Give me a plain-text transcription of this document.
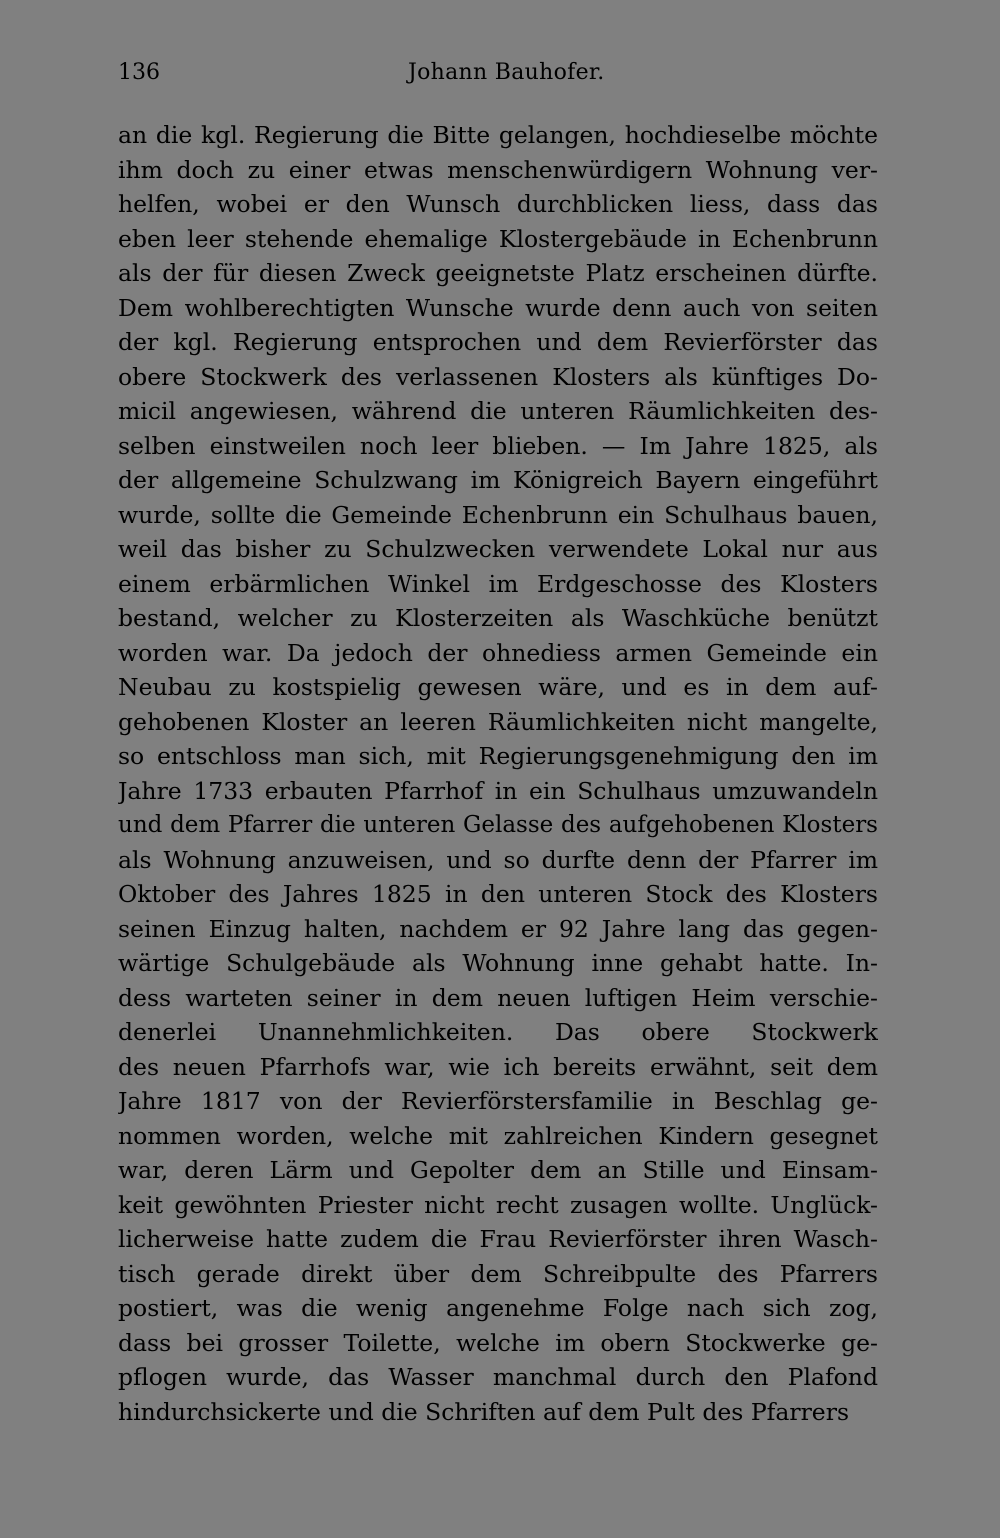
136	Johann Bauhofer.
an die kgl. Regierung die Bitte gelangen, hochdieselbe möchte
ihm doch zu einer etwas menschenwürdigern Wohnung ver-
helfen, wobei er den Wunsch durchblicken liess, dass das
eben leer stehende ehemalige Klostergebäude in Echenbrunn
als der für diesen Zweck geeignetste Platz erscheinen dürfte.
Dem wohlberechtigten Wunsche wurde denn auch von seiten
der kgl. Regierung entsprochen und dem Revierförster das
obere Stockwerk des verlassenen Klosters als künftiges Do-
micil angewiesen, während die unteren Räumlichkeiten des-
selben einstweilen noch leer blieben. — Im Jahre 1825, als
der allgemeine Schulzwang im Königreich Bayern eingeführt
wurde, sollte die Gemeinde Echenbrunn ein Schulhaus bauen,
weil das bisher zu Schulzwecken verwendete Lokal nur aus
einem erbärmlichen Winkel im Erdgeschosse des Klosters
bestand, welcher zu Klosterzeiten als Waschküche benützt
worden war. Da jedoch der ohnediess armen Gemeinde ein
Neubau zu kostspielig gewesen wäre, und es in dem auf-
gehobenen Kloster an leeren Räumlichkeiten nicht mangelte,
so entschloss man sich, mit Regierungsgenehmigung den im
Jahre 1733 erbauten Pfarrhof in ein Schulhaus umzuwandeln
und dem Pfarrer die unteren Gelasse des aufgehobenen Klosters
als Wohnung anzuweisen, und so durfte denn der Pfarrer im
Oktober des Jahres 1825 in den unteren Stock des Klosters
seinen Einzug halten, nachdem er 92 Jahre lang das gegen-
wärtige Schulgebäude als Wohnung inne gehabt hatte. In-
dess warteten seiner in dem neuen luftigen Heim verschie-
denerlei Unannehmlichkeiten. Das obere Stockwerk
des neuen Pfarrhofs war, wie ich bereits erwähnt, seit dem
Jahre 1817 von der Revierförstersfamilie in Beschlag ge-
nommen worden, welche mit zahlreichen Kindern gesegnet
war, deren Lärm und Gepolter dem an Stille und Einsam-
keit gewöhnten Priester nicht recht zusagen wollte. Unglück-
licherweise hatte zudem die Frau Revierförster ihren Wasch-
tisch gerade direkt über dem Schreibpulte des Pfarrers
postiert, was die wenig angenehme Folge nach sich zog,
dass bei grosser Toilette, welche im obern Stockwerke ge-
pflogen wurde, das Wasser manchmal durch den Plafond
hindurchsickerte und die Schriften auf dem Pult des Pfarrers
